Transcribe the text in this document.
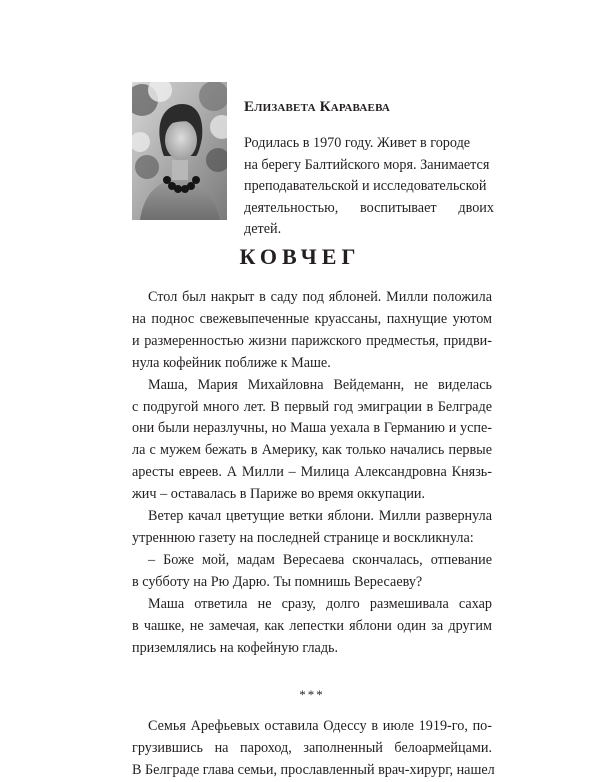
Елизавета Караваева

Родилась в 1970 году. Живет в городе
на берегу Балтийского моря. Занимается
преподавательской и исследовательской
деятельностью, воспитывает двоих детей.

КОВЧЕГ

Стол был накрыт в саду под яблоней. Милли положила
на поднос свежевыпеченные круассаны, пахнущие уютом
и размеренностью жизни парижского предместья, придви-
нула кофейник поближе к Маше.

Маша, Мария Михайловна Вейдеманн, не виделась
с подругой много лет. В первый год эмиграции в Белграде
они были неразлучны, но Маша уехала в Германию и успе-
ла с мужем бежать в Америку, как только начались первые
аресты евреев. А Милли – Милица Александровна Князь-
жич – оставалась в Париже во время оккупации.

Ветер качал цветущие ветки яблони. Милли развернула
утреннюю газету на последней странице и воскликнула:

– Боже мой, мадам Вересаева скончалась, отпевание
в субботу на Рю Дарю. Ты помнишь Вересаеву?

Маша ответила не сразу, долго размешивала сахар
в чашке, не замечая, как лепестки яблони один за другим
приземлялись на кофейную гладь.

***

Семья Арефьевых оставила Одессу в июле 1919-го, по-
грузившись на пароход, заполненный белоармейцами.
В Белграде глава семьи, прославленный врач-хирург, нашел
